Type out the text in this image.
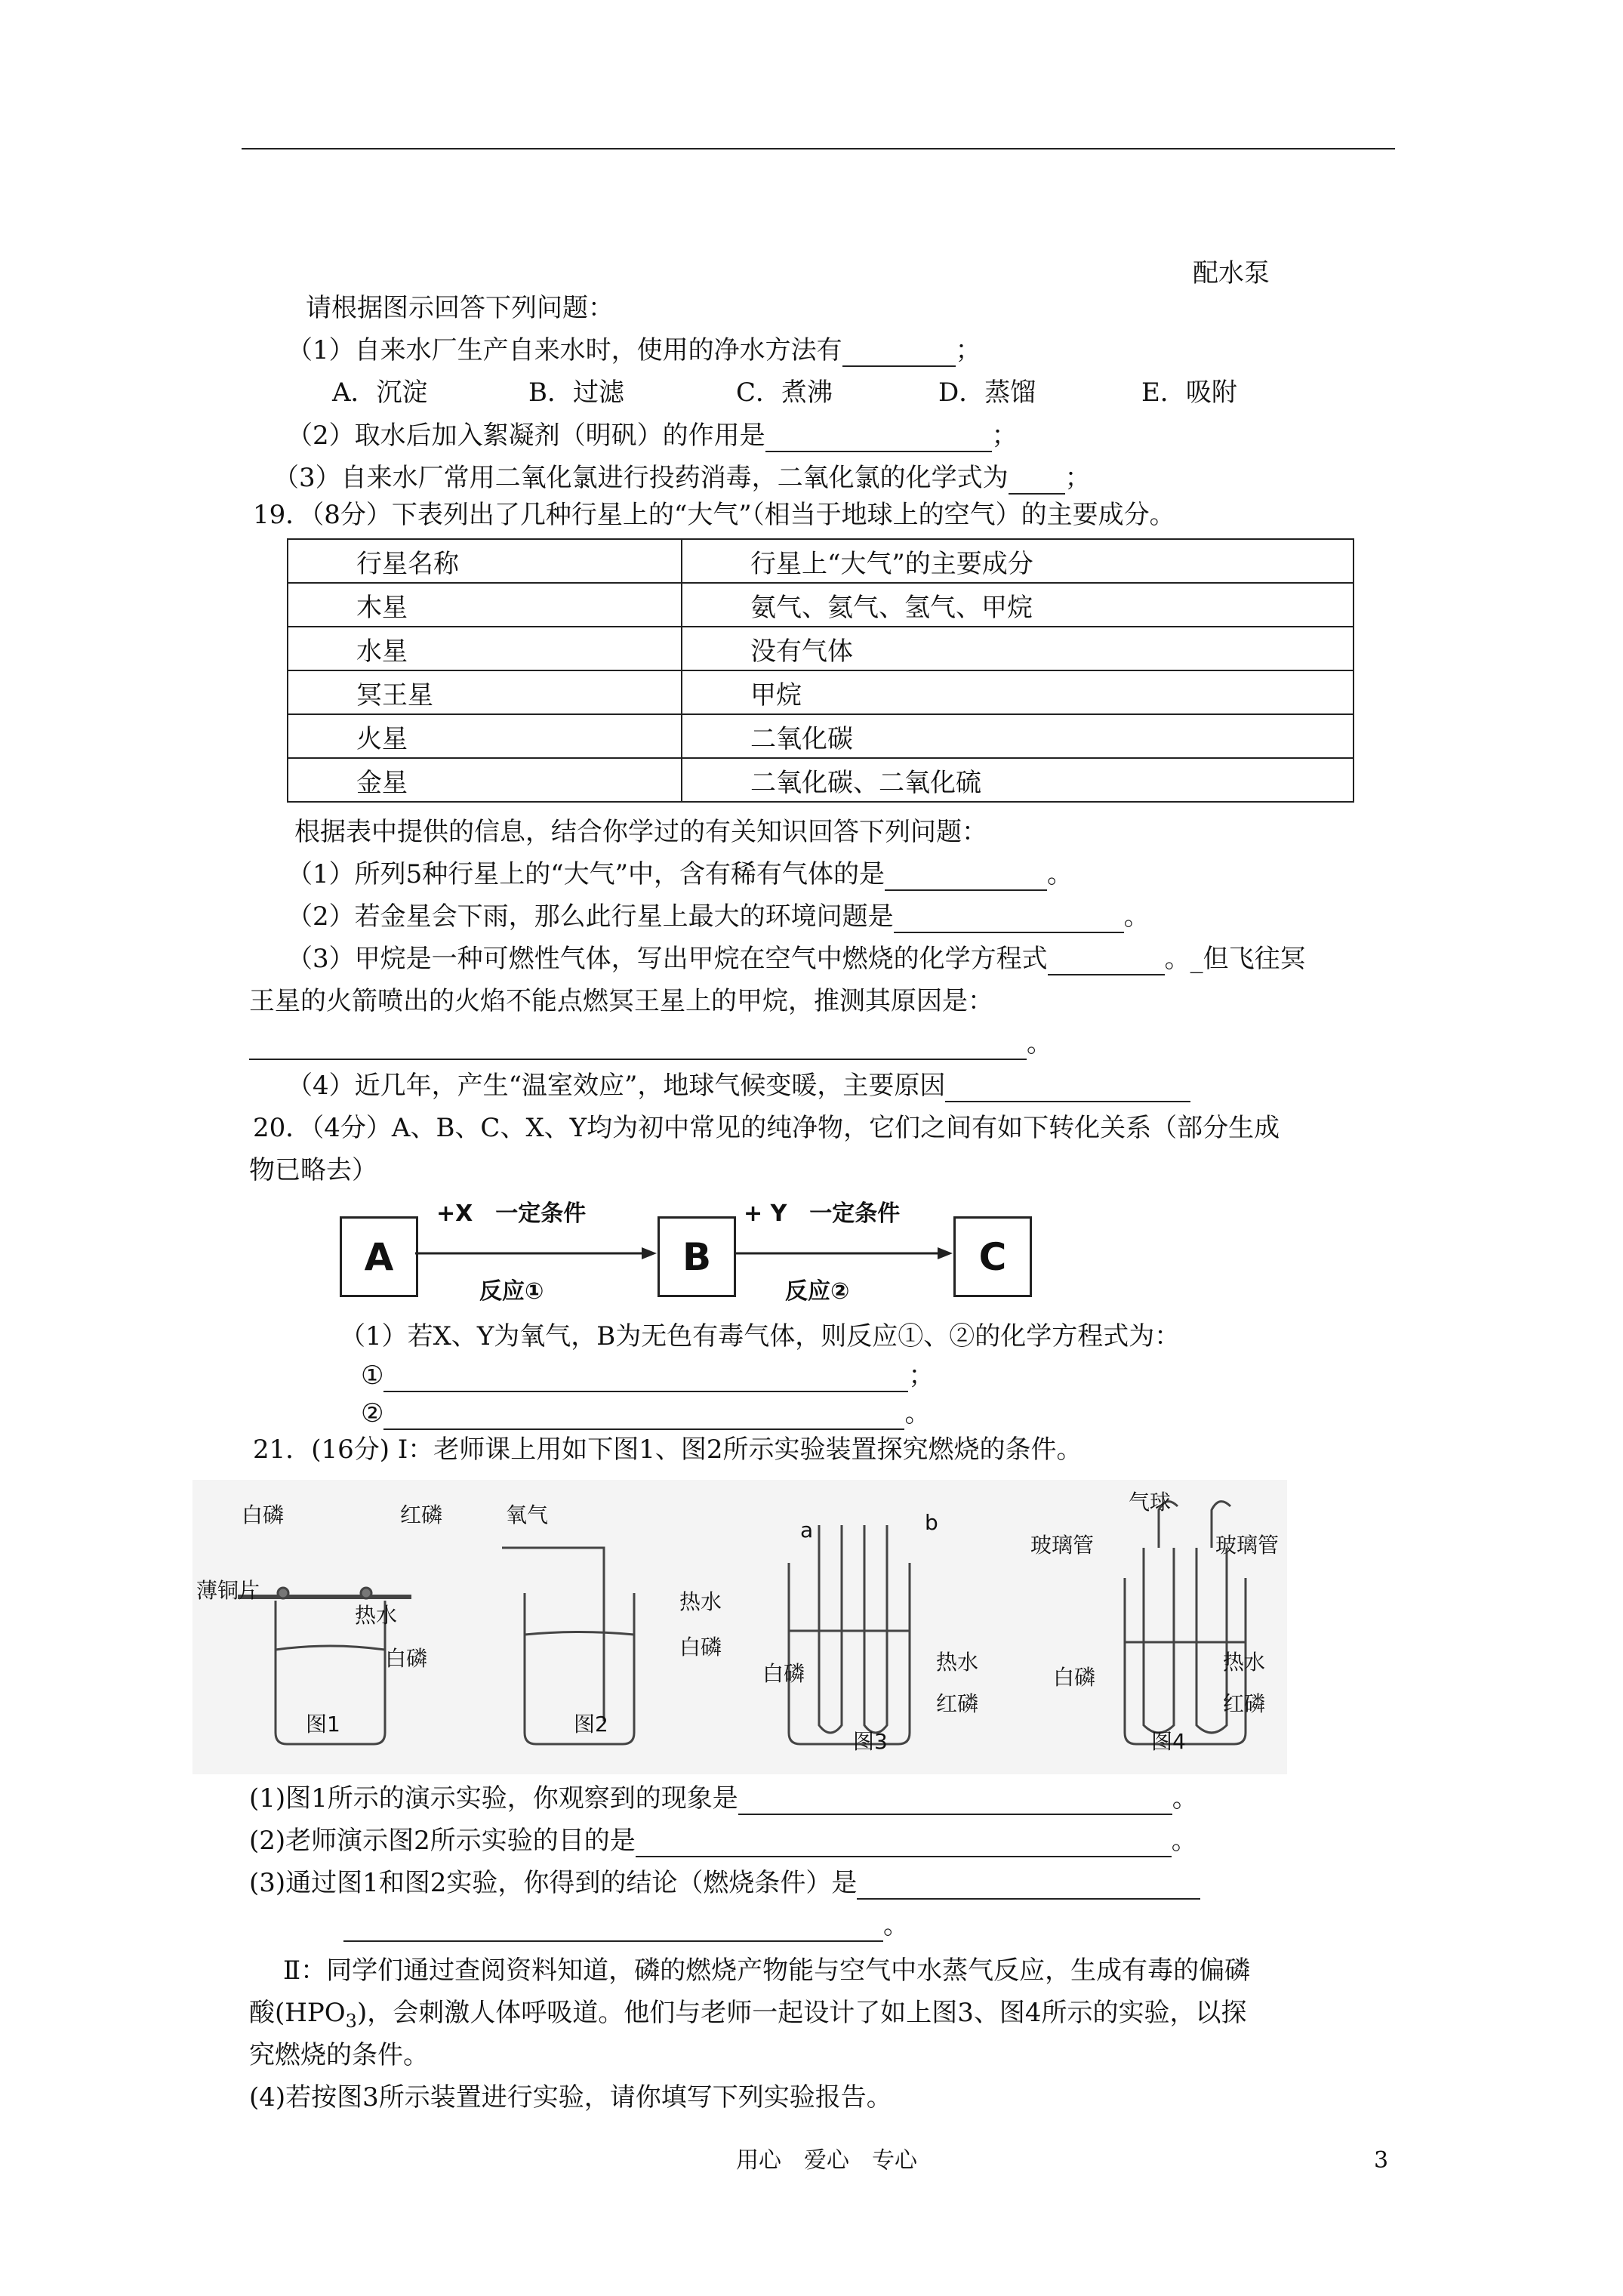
配水泵
请根据图示回答下列问题：
（1）自来水厂生产自来水时，使用的净水方法有	；
A．沉淀	B．过滤	C．煮沸	D．蒸馏	E．吸附
（2）取水后加入絮凝剂（明矾）的作用是	；
（3）自来水厂常用二氧化氯进行投药消毒，二氧化氯的化学式为 ；
19．（8分）下表列出了几种行星上的“大气”（相当于地球上的空气）的主要成分。
行星名称	行星上“大气”的主要成分
木星	氨气、氦气、氢气、甲烷
水星	没有气体
冥王星	甲烷
火星	二氧化碳
金星	二氧化碳、二氧化硫
根据表中提供的信息，结合你学过的有关知识回答下列问题：
（1）所列5种行星上的“大气”中，含有稀有气体的是	。
（2）若金星会下雨，那么此行星上最大的环境问题是	。
（3）甲烷是一种可燃性气体，写出甲烷在空气中燃烧的化学方程式	。_但飞往冥
王星的火箭喷出的火焰不能点燃冥王星上的甲烷，推测其原因是：
。
（4）近几年，产生“温室效应”，地球气候变暖，主要原因
20．（4分）A、B、C、X、Y均为初中常见的纯净物，它们之间有如下转化关系（部分生成
物已略去）
A	B	C
+X　一定条件
反应①
+ Y　一定条件
反应②
（1）若X、Y为氧气，B为无色有毒气体，则反应①、②的化学方程式为：
①	；
②	。
21．(16分) I：老师课上用如下图1、图2所示实验装置探究燃烧的条件。
白磷	红磷
薄铜片
热水
白磷
图1
氧气
热水
白磷
图2
a	b
白磷	热水
红磷
图3
气球
玻璃管	玻璃管
热水
白磷
红磷
图4
(1)图1所示的演示实验，你观察到的现象是	。
(2)老师演示图2所示实验的目的是	。
(3)通过图1和图2实验，你得到的结论（燃烧条件）是
。
Ⅱ：同学们通过查阅资料知道，磷的燃烧产物能与空气中水蒸气反应，生成有毒的偏磷
酸$(HPO_3)$，会刺激人体呼吸道。他们与老师一起设计了如上图3、图4所示的实验，以探
究燃烧的条件。
(4)若按图3所示装置进行实验，请你填写下列实验报告。
用心　爱心　专心	3
